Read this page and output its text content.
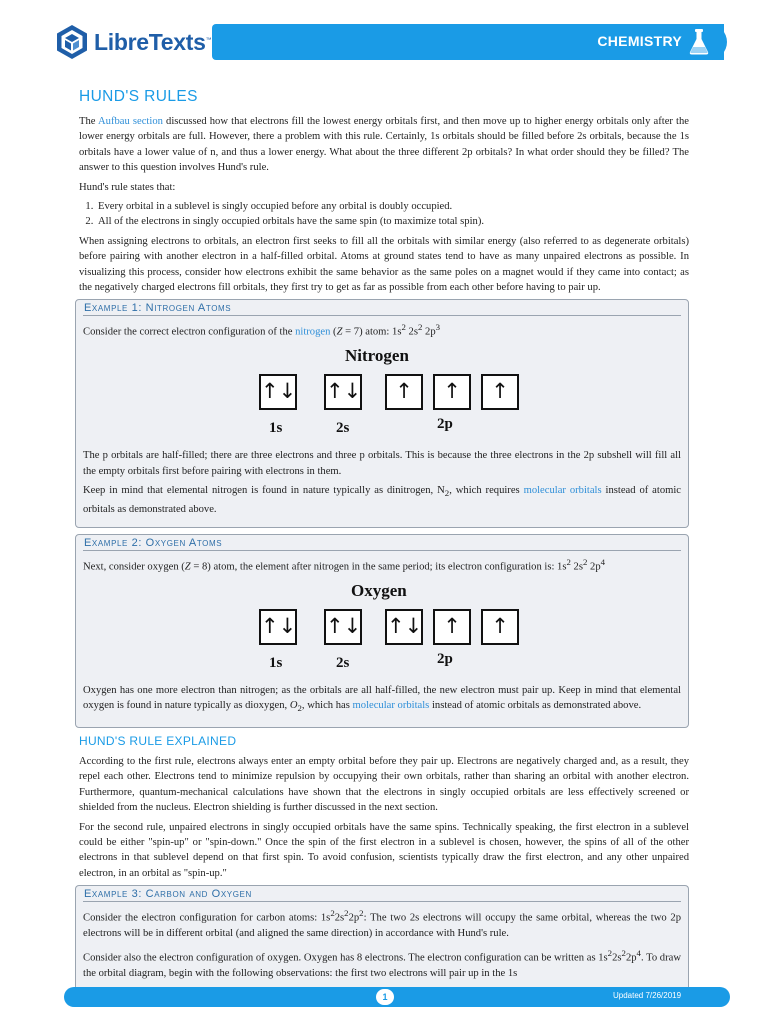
LibreTexts™	CHEMISTRY
HUND'S RULES

The Aufbau section discussed how that electrons fill the lowest energy orbitals first, and then move up to higher energy orbitals only after the lower energy orbitals are full. However, there a problem with this rule. Certainly, 1s orbitals should be filled before 2s orbitals, because the 1s orbitals have a lower value of n, and thus a lower energy. What about the three different 2p orbitals? In what order should they be filled? The answer to this question involves Hund's rule.

Hund's rule states that:

1. Every orbital in a sublevel is singly occupied before any orbital is doubly occupied.
2. All of the electrons in singly occupied orbitals have the same spin (to maximize total spin).

When assigning electrons to orbitals, an electron first seeks to fill all the orbitals with similar energy (also referred to as degenerate orbitals) before pairing with another electron in a half-filled orbital. Atoms at ground states tend to have as many unpaired electrons as possible. In visualizing this process, consider how electrons exhibit the same behavior as the same poles on a magnet would if they came into contact; as the negatively charged electrons fill orbitals, they first try to get as far as possible from each other before having to pair up.

Example 1: Nitrogen Atoms

Consider the correct electron configuration of the nitrogen (Z = 7) atom: $1s^2$ $2s^2$ $2p^3$

Nitrogen
↑↓ ↑↓	↑	↑	↑
1s	2s	2p

The p orbitals are half-filled; there are three electrons and three p orbitals. This is because the three electrons in the 2p subshell will fill all the empty orbitals first before pairing with electrons in them.

Keep in mind that elemental nitrogen is found in nature typically as dinitrogen, $N_2$, which requires molecular orbitals instead of atomic orbitals as demonstrated above.

Example 2: Oxygen Atoms

Next, consider oxygen (Z = 8) atom, the element after nitrogen in the same period; its electron configuration is: $1s^2$ $2s^2$ $2p^4$

Oxygen
↑↓ ↑↓ ↑↓ ↑	↑
1s	2s	2p

Oxygen has one more electron than nitrogen; as the orbitals are all half-filled, the new electron must pair up. Keep in mind that elemental oxygen is found in nature typically as dioxygen, $O_2$, which has molecular orbitals instead of atomic orbitals as demonstrated above.

HUND'S RULE EXPLAINED

According to the first rule, electrons always enter an empty orbital before they pair up. Electrons are negatively charged and, as a result, they repel each other. Electrons tend to minimize repulsion by occupying their own orbitals, rather than sharing an orbital with another electron. Furthermore, quantum-mechanical calculations have shown that the electrons in singly occupied orbitals are less effectively screened or shielded from the nucleus. Electron shielding is further discussed in the next section.

For the second rule, unpaired electrons in singly occupied orbitals have the same spins. Technically speaking, the first electron in a sublevel could be either "spin-up" or "spin-down." Once the spin of the first electron in a sublevel is chosen, however, the spins of all of the other electrons in that sublevel depend on that first spin. To avoid confusion, scientists typically draw the first electron, and any other unpaired electron, in an orbital as "spin-up."

Example 3: Carbon and Oxygen

Consider the electron configuration for carbon atoms: $1s^22s^22p^2$: The two 2s electrons will occupy the same orbital, whereas the two 2p electrons will be in different orbital (and aligned the same direction) in accordance with Hund's rule.

Consider also the electron configuration of oxygen. Oxygen has 8 electrons. The electron configuration can be written as $1s^22s^22p^4$. To draw the orbital diagram, begin with the following observations: the first two electrons will pair up in the 1s

1	Updated 7/26/2019
